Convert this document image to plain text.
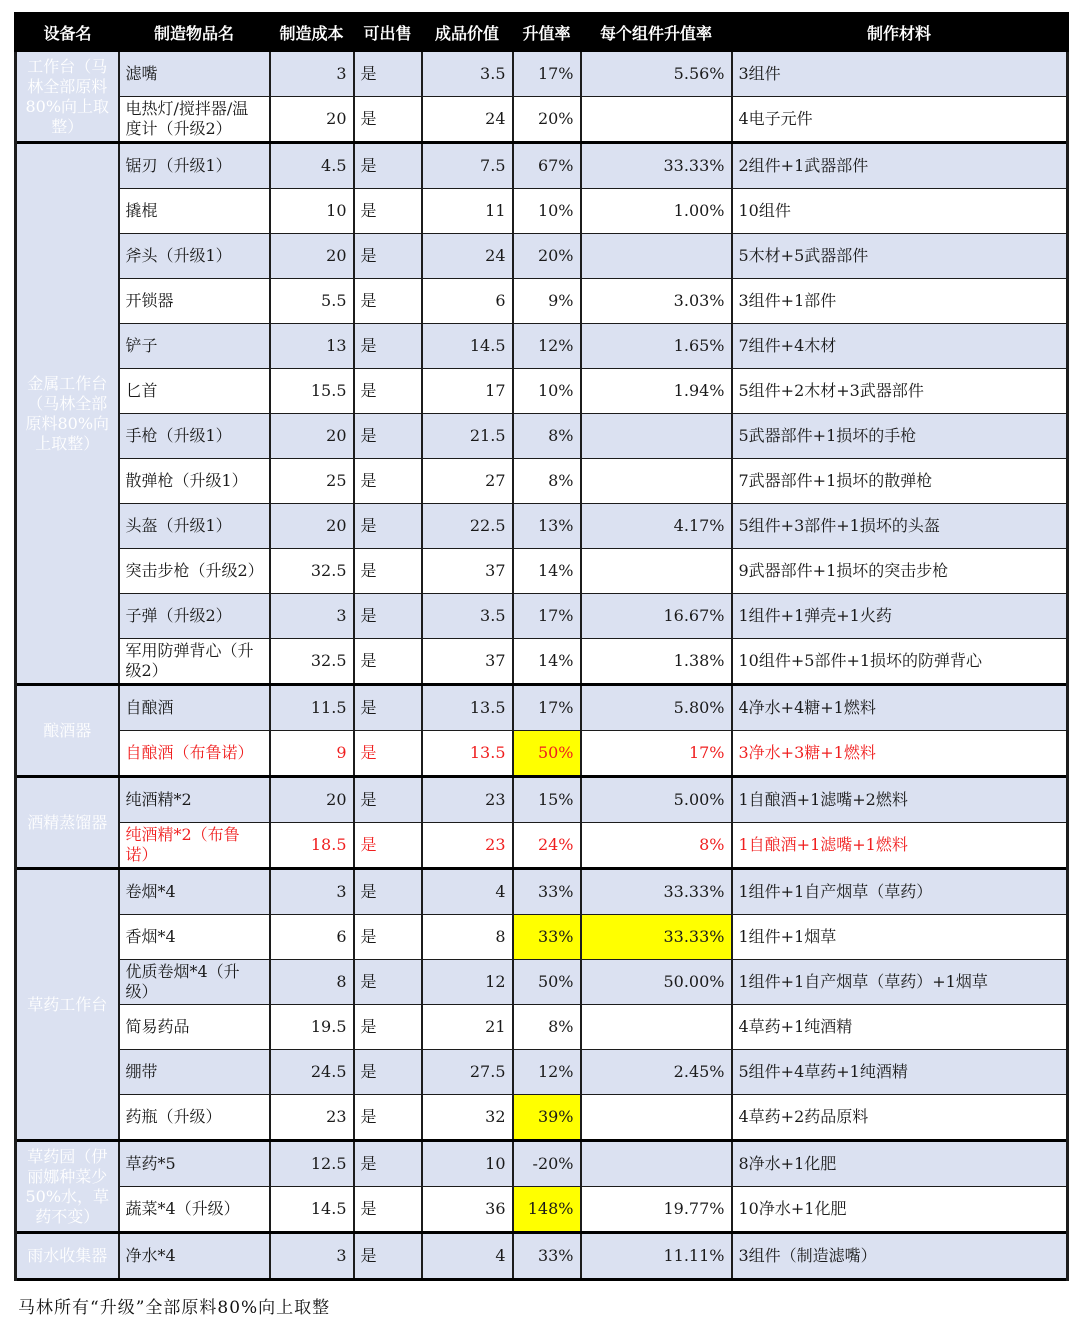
设备名	制造物品名	制造成本	可出售	成品价值	升值率	每个组件升值率	制作材料
工作台（马林全部原料80%向上取整）	滤嘴	3	是	3.5	17%	5.56%	3组件
	电热灯/搅拌器/温度计（升级2）	20	是	24	20%		4电子元件
金属工作台（马林全部原料80%向上取整）	锯刃（升级1）	4.5	是	7.5	67%	33.33%	2组件+1武器部件
	撬棍	10	是	11	10%	1.00%	10组件
	斧头（升级1）	20	是	24	20%		5木材+5武器部件
	开锁器	5.5	是	6	9%	3.03%	3组件+1部件
	铲子	13	是	14.5	12%	1.65%	7组件+4木材
	匕首	15.5	是	17	10%	1.94%	5组件+2木材+3武器部件
	手枪（升级1）	20	是	21.5	8%		5武器部件+1损坏的手枪
	散弹枪（升级1）	25	是	27	8%		7武器部件+1损坏的散弹枪
	头盔（升级1）	20	是	22.5	13%	4.17%	5组件+3部件+1损坏的头盔
	突击步枪（升级2）	32.5	是	37	14%		9武器部件+1损坏的突击步枪
	子弹（升级2）	3	是	3.5	17%	16.67%	1组件+1弹壳+1火药
	军用防弹背心（升级2）	32.5	是	37	14%	1.38%	10组件+5部件+1损坏的防弹背心
酿酒器	自酿酒	11.5	是	13.5	17%	5.80%	4净水+4糖+1燃料
	自酿酒（布鲁诺）	9	是	13.5	50%	17%	3净水+3糖+1燃料
酒精蒸馏器	纯酒精*2	20	是	23	15%	5.00%	1自酿酒+1滤嘴+2燃料
	纯酒精*2（布鲁诺）	18.5	是	23	24%	8%	1自酿酒+1滤嘴+1燃料
草药工作台	卷烟*4	3	是	4	33%	33.33%	1组件+1自产烟草（草药）
	香烟*4	6	是	8	33%	33.33%	1组件+1烟草
	优质卷烟*4（升级）	8	是	12	50%	50.00%	1组件+1自产烟草（草药）+1烟草
	简易药品	19.5	是	21	8%		4草药+1纯酒精
	绷带	24.5	是	27.5	12%	2.45%	5组件+4草药+1纯酒精
	药瓶（升级）	23	是	32	39%		4草药+2药品原料
草药园（伊丽娜种菜少50%水，草药不变）	草药*5	12.5	是	10	-20%		8净水+1化肥
	蔬菜*4（升级）	14.5	是	36	148%	19.77%	10净水+1化肥
雨水收集器	净水*4	3	是	4	33%	11.11%	3组件（制造滤嘴）
马林所有“升级”全部原料80%向上取整
